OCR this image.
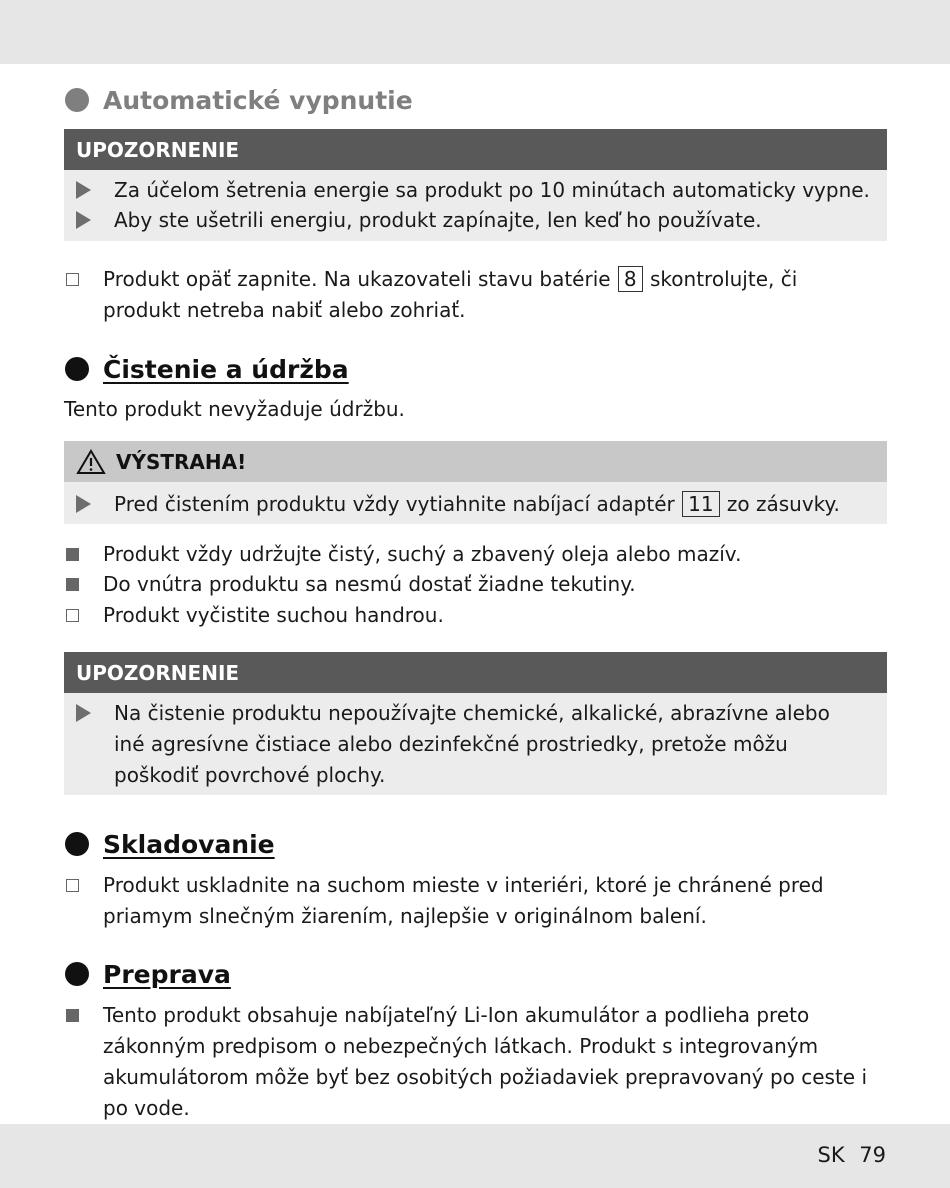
Automatické vypnutie
UPOZORNENIE
Za účelom šetrenia energie sa produkt po 10 minútach automaticky vypne.
Aby ste ušetrili energiu, produkt zapínajte, len keď ho používate.
Produkt opäť zapnite. Na ukazovateli stavu batérie 8 skontrolujte, či produkt netreba nabiť alebo zohriať.
Čistenie a údržba
Tento produkt nevyžaduje údržbu.
VÝSTRAHA!
Pred čistením produktu vždy vytiahnite nabíjací adaptér 11 zo zásuvky.
Produkt vždy udržujte čistý, suchý a zbavený oleja alebo mazív.
Do vnútra produktu sa nesmú dostať žiadne tekutiny.
Produkt vyčistite suchou handrou.
UPOZORNENIE
Na čistenie produktu nepoužívajte chemické, alkalické, abrazívne alebo iné agresívne čistiace alebo dezinfekčné prostriedky, pretože môžu poškodiť povrchové plochy.
Skladovanie
Produkt uskladnite na suchom mieste v interiéri, ktoré je chránené pred priamym slnečným žiarením, najlepšie v originálnom balení.
Preprava
Tento produkt obsahuje nabíjateľný Li-Ion akumulátor a podlieha preto zákonným predpisom o nebezpečných látkach. Produkt s integrovaným akumulátorom môže byť bez osobitých požiadaviek prepravovaný po ceste i po vode.
SK 79
